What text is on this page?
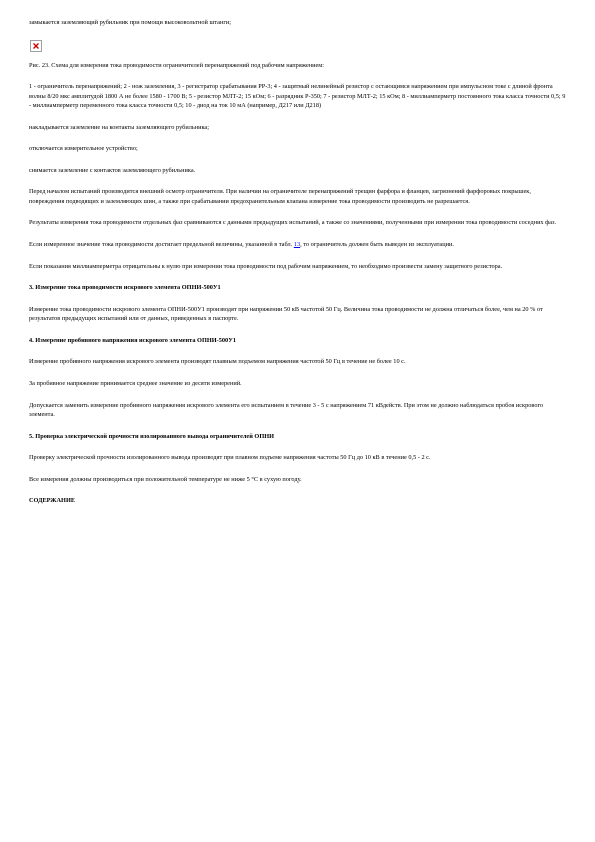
замыкается заземляющий рубильник при помощи высоковольтной штанги;

Рис. 23. Схема для измерения тока проводимости ограничителей перенапряжений под рабочим напряжением:

1 - ограничитель перенапряжений; 2 - нож заземления, 3 - регистратор срабатывания РР-3; 4 - защитный нелинейный резистор с остающимся напряжением при импульсном токе с длиной фронта волны 8/20 мкс амплитудой 1800 А не более 1580 - 1700 В; 5 - резистор МЛТ-2; 15 кОм; 6 - разрядник Р-350; 7 - резистор МЛТ-2; 15 кОм; 8 - миллиамперметр постоянного тока класса точности 0,5; 9 - миллиамперметр переменного тока класса точности 0,5; 10 - диод на ток 10 мА (например, Д217 или Д218)

накладывается заземление на контакты заземляющего рубильника;

отключается измерительное устройство;

снимается заземление с контактов заземляющего рубильника.

Перед началом испытаний производится внешний осмотр ограничителя. При наличии на ограничителе перенапряжений трещин фарфора и фланцев, загрязнений фарфоровых покрышек, повреждения подводящих и заземляющих шин, а также при срабатывании предохранительным клапана измерение тока проводимости производить не разрешается.

Результаты измерения тока проводимости отдельных фаз сравниваются с данными предыдущих испытаний, а также со значениями, полученными при измерении тока проводимости соседних фаз.

Если измеренное значение тока проводимости достигает предельной величины, указанной в табл. 13, то ограничитель должен быть выведен из эксплуатации.

Если показания миллиамперметра отрицательны к нулю при измерении тока проводимости под рабочим напряжением, то необходимо произвести замену защитного резистора.

3. Измерение тока проводимости искрового элемента ОПНИ-500У1

Измерение тока проводимости искрового элемента ОПНИ-500У1 производят при напряжении 50 кВ частотой 50 Гц. Величина тока проводимости не должна отличаться более, чем на 20 % от результатов предыдущих испытаний или от данных, приведенных в паспорте.

4. Измерение пробивного напряжения искрового элемента ОПНИ-500У1

Измерение пробивного напряжения искрового элемента производят плавным подъемом напряжения частотой 50 Гц в течение не более 10 с.

За пробивное напряжение принимается среднее значение из десяти измерений.

Допускается заменить измерение пробивного напряжения искрового элемента его испытанием в течение 3 - 5 с напряжением 71 кВдейств. При этом не должно наблюдаться пробоя искрового элемента.

5. Проверка электрической прочности изолированного вывода ограничителей ОПНИ

Проверку электрической прочности изолированного вывода производят при плавном подъеме напряжения частоты 50 Гц до 10 кВ в течение 0,5 - 2 с.

Все измерения должны производиться при положительной температуре не ниже 5 °С в сухую погоду.

СОДЕРЖАНИЕ
